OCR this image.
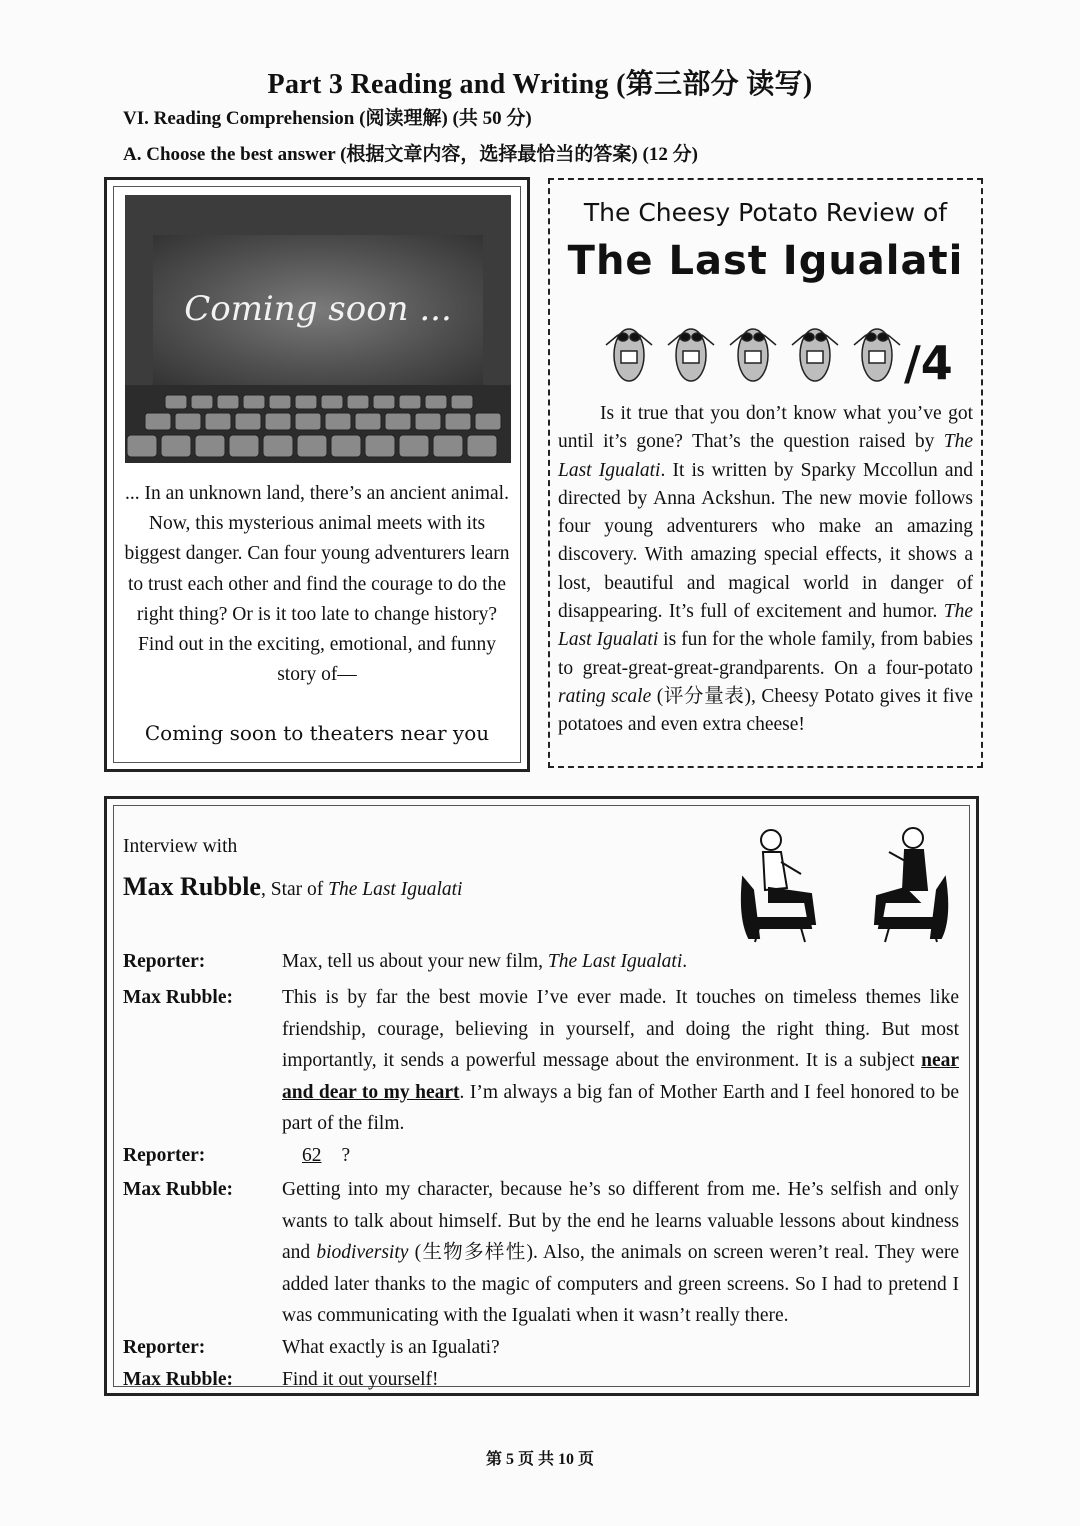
Part 3 Reading and Writing (第三部分 读写)
VI. Reading Comprehension (阅读理解) (共 50 分)
A. Choose the best answer (根据文章内容，选择最恰当的答案) (12 分)
Coming soon ...
... In an unknown land, there’s an ancient animal. Now, this mysterious animal meets with its biggest danger. Can four young adventurers learn to trust each other and find the courage to do the right thing? Or is it too late to change history? Find out in the exciting, emotional, and funny story of—
Coming soon to theaters near you
The Cheesy Potato Review of
The Last Igualati
/4
Is it true that you don’t know what you’ve got until it’s gone? That’s the question raised by The Last Igualati. It is written by Sparky Mccollun and directed by Anna Ackshun. The new movie follows four young adventurers who make an amazing discovery. With amazing special effects, it shows a lost, beautiful and magical world in danger of disappearing. It’s full of excitement and humor. The Last Igualati is fun for the whole family, from babies to great-great-great-grandparents. On a four-potato rating scale (评分量表), Cheesy Potato gives it five potatoes and even extra cheese!
Interview with
Max Rubble, Star of The Last Igualati
Reporter:	Max, tell us about your new film, The Last Igualati.
Max Rubble:	This is by far the best movie I’ve ever made. It touches on timeless themes like friendship, courage, believing in yourself, and doing the right thing. But most importantly, it sends a powerful message about the environment. It is a subject near and dear to my heart. I’m always a big fan of Mother Earth and I feel honored to be part of the film.
Reporter:	62 ?
Max Rubble:	Getting into my character, because he’s so different from me. He’s selfish and only wants to talk about himself. But by the end he learns valuable lessons about kindness and biodiversity (生物多样性). Also, the animals on screen weren’t real. They were added later thanks to the magic of computers and green screens. So I had to pretend I was communicating with the Igualati when it wasn’t really there.
Reporter:	What exactly is an Igualati?
Max Rubble:	Find it out yourself!
第 5 页 共 10 页
